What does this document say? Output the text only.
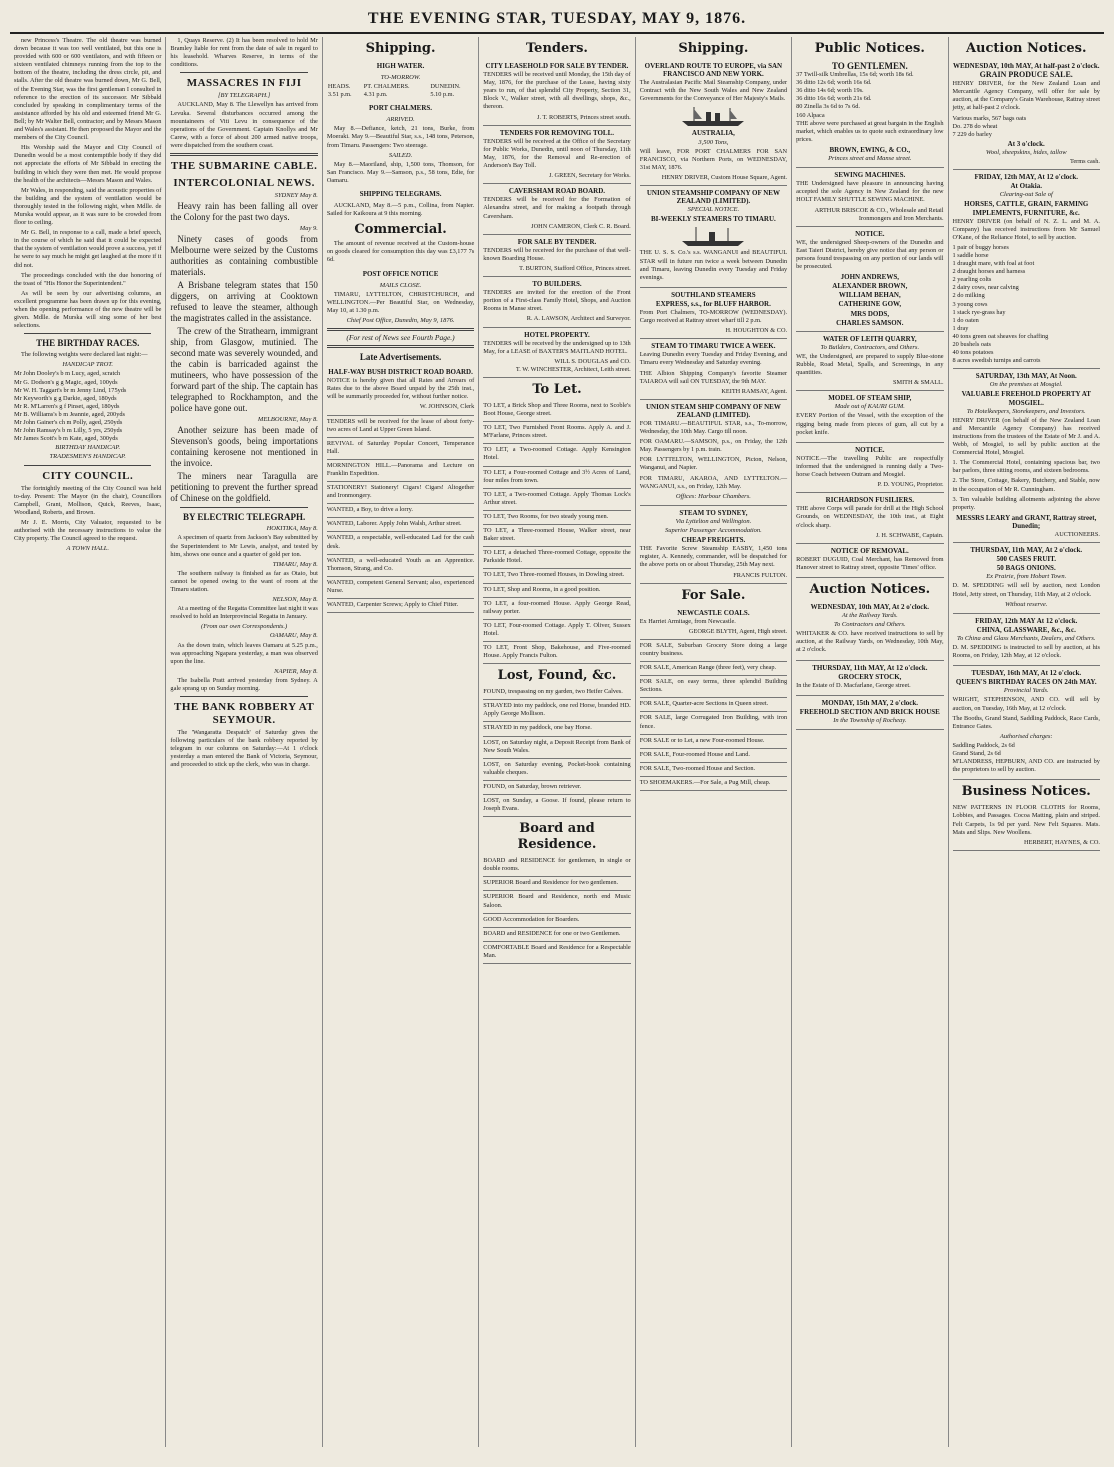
THE EVENING STAR, TUESDAY, MAY 9, 1876.

new Princess's Theatre. The old theatre was burned down because it was too well ventilated, but this one is provided with 600 or 600 ventilators, and with fifteen or sixteen ventilated chimneys running from the top to the bottom of the theatre, including the dress circle, pit, and stalls. After the old theatre was burned down, Mr G. Bell, of the Evening Star, was the first gentleman I consulted in reference to the erection of its successor. Mr Sibbald concluded by speaking in complimentary terms of the assistance afforded by his old and esteemed friend Mr G. Bell; by Mr Walter Bell, contractor; and by Messrs Mason and Wales's assistant. He then proposed the Mayor and the members of the City Council.

His Worship said the Mayor and City Council of Dunedin would be a most contemptible body if they did not appreciate the efforts of Mr Sibbald in erecting the building in which they were then met. He would propose the health of the architects—Messrs Mason and Wales.

Mr Wales, in responding, said the acoustic properties of the building and the system of ventilation would be thoroughly tested in the following night, when Mdlle. de Murska would appear, as it was sure to be crowded from floor to ceiling.

Mr G. Bell, in response to a call, made a brief speech, in the course of which he said that it could be expected that the system of ventilation would prove a success, yet if he were to say much he might get laughed at the more if it did not.

The proceedings concluded with the due honoring of the toast of "His Honor the Superintendent."

As will be seen by our advertising columns, an excellent programme has been drawn up for this evening, when the opening performance of the new theatre will be given. Mdlle. de Murska will sing some of her best selections.

THE BIRTHDAY RACES.

The following weights were declared last night:—

HANDICAP TROT.
Mr John Dooley's b m Lucy, aged, scratch
Mr G. Dodson's g g Magic, aged, 100yds
Mr W. H. Taggart's br m Jenny Lind, 175yds
Mr Keyworth's g g Darkie, aged, 180yds
Mr R. M'Larren's g f Pinset, aged, 180yds
Mr B. Williams's b m Jeannie, aged, 200yds
Mr John Gainer's ch m Polly, aged, 250yds
Mr John Ramsay's b m Lilly, 5 yrs, 250yds
Mr James Scott's b m Kate, aged, 300yds
BIRTHDAY HANDICAP.
TRADESMEN'S HANDICAP.
CITY COUNCIL.

The fortnightly meeting of the City Council was held to-day. Present: The Mayor (in the chair), Councillors Campbell, Grant, Mollison, Quick, Reeves, Isaac, Woodland, Roberts, and Brown.

Mr J. E. Morris, City Valuator, requested to be authorised with the necessary instructions to value the City property. The Council agreed to the request.

A TOWN HALL.

1, Quays Reserve. (2) It has been resolved to hold Mr Bramley liable for rent from the date of sale in regard to his leasehold. Wharves Reserve, in terms of the conditions.

MASSACRES IN FIJI
[BY TELEGRAPH.]

AUCKLAND, May 8. The Llewellyn has arrived from Levuka. Several disturbances occurred among the mountaineers of Viti Levu in consequence of the operations of the Government. Captain Knollys and Mr Carew, with a force of about 200 armed native troops, were dispatched from the southern coast.

THE SUBMARINE CABLE.
INTERCOLONIAL NEWS.
SYDNEY May 8.

Heavy rain has been falling all over the Colony for the past two days.

May 9.

Ninety cases of goods from Melbourne were seized by the Customs authorities as containing combustible materials.

A Brisbane telegram states that 150 diggers, on arriving at Cooktown refused to leave the steamer, although the magistrates called in the assistance.

The crew of the Strathearn, immigrant ship, from Glasgow, mutinied. The second mate was severely wounded, and the cabin is barricaded against the mutineers, who have possession of the forward part of the ship. The captain has telegraphed to Rockhampton, and the police have gone out.

MELBOURNE, May 8.

Another seizure has been made of Stevenson's goods, being importations containing kerosene not mentioned in the invoice.

The miners near Taragulla are petitioning to prevent the further spread of Chinese on the goldfield.

BY ELECTRIC TELEGRAPH.
HOKITIKA, May 8.

A specimen of quartz from Jackson's Bay submitted by the Superintendent to Mr Lewis, analyst, and tested by him, shows one ounce and a quarter of gold per ton.

TIMARU, May 8.

The southern railway is finished as far as Otaio, but cannot be opened owing to the want of room at the Timaru station.

NELSON, May 8.

At a meeting of the Regatta Committee last night it was resolved to hold an Interprovincial Regatta in January.

(From our own Correspondents.)
OAMARU, May 8.

As the down train, which leaves Oamaru at 5.25 p.m., was approaching Ngapara yesterday, a man was observed upon the line.

NAPIER, May 8.

The Isabella Pratt arrived yesterday from Sydney. A gale sprang up on Sunday morning.

THE BANK ROBBERY AT SEYMOUR.

The 'Wangaratta Despatch' of Saturday gives the following particulars of the bank robbery reported by telegram in our columns on Saturday:—At 1 o'clock yesterday a man entered the Bank of Victoria, Seymour, and proceeded to stick up the clerk, who was in charge.

Shipping.
HIGH WATER.
TO-MORROW.
HEADS.	PT. CHALMERS.	DUNEDIN.
3.51 p.m.	4.31 p.m.	5.10 p.m.
PORT CHALMERS.
ARRIVED.

May 8.—Defiance, ketch, 21 tons, Burke, from Moeraki. May 9.—Beautiful Star, s.s., 148 tons, Peterson, from Timaru. Passengers: Two steerage.

SAILED.

May 8.—Maoriland, ship, 1,500 tons, Thomson, for San Francisco. May 9.—Samson, p.s., 58 tons, Edie, for Oamaru.

SHIPPING TELEGRAMS.

AUCKLAND, May 8.—5 p.m., Collina, from Napier. Sailed for Kaikoura at 9 this morning.

Commercial.

The amount of revenue received at the Custom-house on goods cleared for consumption this day was £3,177 7s 6d.

POST OFFICE NOTICE
MAILS CLOSE.

TIMARU, LYTTELTON, CHRISTCHURCH, and WELLINGTON.—Per Beautiful Star, on Wednesday, May 10, at 1.30 p.m.

Chief Post Office, Dunedin, May 9, 1876.
(For rest of News see Fourth Page.)
Late Advertisements.
HALF-WAY BUSH DISTRICT ROAD BOARD.

NOTICE is hereby given that all Rates and Arrears of Rates due to the above Board unpaid by the 25th inst., will be summarily proceeded for, without further notice.

W. JOHNSON, Clerk
TENDERS will be received for the lease of about forty-two acres of Land at Upper Green Island.
REVIVAL of Saturday Popular Concert, Temperance Hall.
MORNINGTON HILL.—Panorama and Lecture on Franklin Expedition.
STATIONERY! Stationery! Cigars! Cigars! Altogether and Ironmongery.
WANTED, a Boy, to drive a lorry.
WANTED, Laborer. Apply John Walsh, Arthur street.
WANTED, a respectable, well-educated Lad for the cash desk.
WANTED, a well-educated Youth as an Apprentice. Thomson, Strang, and Co.
WANTED, competent General Servant; also, experienced Nurse.
WANTED, Carpenter Screws; Apply to Chief Fitter.
Tenders.
CITY LEASEHOLD FOR SALE BY TENDER.

TENDERS will be received until Monday, the 15th day of May, 1876, for the purchase of the Lease, having sixty years to run, of that splendid City Property, Section 31, Block V., Walker street, with all dwellings, shops, &c., thereon.

J. T. ROBERTS, Princes street south.
TENDERS FOR REMOVING TOLL.

TENDERS will be received at the Office of the Secretary for Public Works, Dunedin, until noon of Thursday, 11th May, 1876, for the Removal and Re-erection of Anderson's Bay Toll.

J. GREEN, Secretary for Works.
CAVERSHAM ROAD BOARD.

TENDERS will be received for the Formation of Alexandra street, and for making a footpath through Caversham.

JOHN CAMERON, Clerk C. R. Board.
FOR SALE BY TENDER.

TENDERS will be received for the purchase of that well-known Boarding House.

T. BURTON, Stafford Office, Princes street.
TO BUILDERS.

TENDERS are invited for the erection of the Front portion of a First-class Family Hotel, Shops, and Auction Rooms in Manse street.

R. A. LAWSON, Architect and Surveyor.
HOTEL PROPERTY.

TENDERS will be received by the undersigned up to 13th May, for a LEASE of BAXTER'S MAITLAND HOTEL.

WILL S. DOUGLAS and CO.
T. W. WINCHESTER, Architect, Leith street.
To Let.
TO LET, a Brick Shop and Three Rooms, next to Scoble's Boot House, George street.
TO LET, Two Furnished Front Rooms. Apply A. and J. M'Farlane, Princes street.
TO LET, a Two-roomed Cottage. Apply Kensington Hotel.
TO LET, a Four-roomed Cottage and 3½ Acres of Land, four miles from town.
TO LET, a Two-roomed Cottage. Apply Thomas Lock's Arthur street.
TO LET, Two Rooms, for two steady young men.
TO LET, a Three-roomed House, Walker street, near Baker street.
TO LET, a detached Three-roomed Cottage, opposite the Parkside Hotel.
TO LET, Two Three-roomed Houses, in Dowling street.
TO LET, Shop and Rooms, in a good position.
TO LET, a four-roomed House. Apply George Read, railway porter.
TO LET, Four-roomed Cottage. Apply T. Oliver, Sussex Hotel.
TO LET, Front Shop, Bakehouse, and Five-roomed House. Apply Francis Fulton.
Lost, Found, &c.
FOUND, trespassing on my garden, two Heifer Calves.
STRAYED into my paddock, one red Horse, branded HD. Apply George Mollison.
STRAYED in my paddock, one bay Horse.
LOST, on Saturday night, a Deposit Receipt from Bank of New South Wales.
LOST, on Saturday evening, Pocket-book containing valuable cheques.
FOUND, on Saturday, brown retriever.
LOST, on Sunday, a Goose. If found, please return to Joseph Evans.
Board and Residence.
BOARD and RESIDENCE for gentlemen, in single or double rooms.
SUPERIOR Board and Residence for two gentlemen.
SUPERIOR Board and Residence, north end Music Saloon.
GOOD Accommodation for Boarders.
BOARD and RESIDENCE for one or two Gentlemen.
COMFORTABLE Board and Residence for a Respectable Man.
Shipping.
OVERLAND ROUTE TO EUROPE, via SAN FRANCISCO AND NEW YORK.

The Australasian Pacific Mail Steamship Company, under Contract with the New South Wales and New Zealand Governments for the Conveyance of Her Majesty's Mails.

AUSTRALIA,
3,500 Tons,

Will leave, FOR PORT CHALMERS FOR SAN FRANCISCO, via Northern Ports, on WEDNESDAY, 31st MAY, 1876.

HENRY DRIVER, Custom House Square, Agent.
UNION STEAMSHIP COMPANY OF NEW ZEALAND (LIMITED).
SPECIAL NOTICE.
BI-WEEKLY STEAMERS TO TIMARU.

THE U. S. S. Co.'s s.s. WANGANUI and BEAUTIFUL STAR will in future run twice a week between Dunedin and Timaru, leaving Dunedin every Tuesday and Friday evenings.

SOUTHLAND STEAMERS
EXPRESS, s.s., for BLUFF HARBOR.

From Port Chalmers, TO-MORROW (WEDNESDAY). Cargo received at Rattray street wharf till 2 p.m.

H. HOUGHTON & CO.
STEAM TO TIMARU TWICE A WEEK.

Leaving Dunedin every Tuesday and Friday Evening, and Timaru every Wednesday and Saturday evening.

THE Albion Shipping Company's favorite Steamer TAIAROA will sail ON TUESDAY, the 9th MAY.

KEITH RAMSAY, Agent.
UNION STEAM SHIP COMPANY OF NEW ZEALAND (LIMITED).

FOR TIMARU.—BEAUTIFUL STAR, s.s., To-morrow, Wednesday, the 10th May. Cargo till noon.

FOR OAMARU.—SAMSON, p.s., on Friday, the 12th May. Passengers by 1 p.m. train.

FOR LYTTELTON, WELLINGTON, Picton, Nelson, Wanganui, and Napier.

FOR TIMARU, AKAROA, AND LYTTELTON.—WANGANUI, s.s., on Friday, 12th May.

Offices: Harbour Chambers.
STEAM TO SYDNEY,
Via Lyttelton and Wellington.
Superior Passenger Accommodation.
CHEAP FREIGHTS.

THE Favorite Screw Steamship EASBY, 1,450 tons register, A. Kennedy, commander, will be despatched for the above ports on or about Thursday, 25th May next.

FRANCIS FULTON.
For Sale.
NEWCASTLE COALS.

Ex Harriet Armitage, from Newcastle.

GEORGE BLYTH, Agent, High street.
FOR SALE, Suburban Grocery Store doing a large country business.
FOR SALE, American Range (three feet), very cheap.
FOR SALE, on easy terms, three splendid Building Sections.
FOR SALE, Quarter-acre Sections in Queen street.
FOR SALE, large Corrugated Iron Building, with iron fence.
FOR SALE or to Let, a new Four-roomed House.
FOR SALE, Four-roomed House and Land.
FOR SALE, Two-roomed House and Section.
TO SHOEMAKERS.—For Sale, a Pug Mill, cheap.
Public Notices.
TO GENTLEMEN.
37 Twill-silk Umbrellas, 15s 6d; worth 18s 6d.
36 ditto 12s 6d; worth 16s 6d.
36 ditto 14s 6d; worth 19s.
36 ditto 16s 6d; worth 21s 6d.
80 Zinella 3s 6d to 7s 6d.
160 Alpaca

THE above were purchased at great bargain in the English market, which enables us to quote such extraordinary low prices.

BROWN, EWING, & CO.,
Princes street and Manse street.
SEWING MACHINES.

THE Undersigned have pleasure in announcing having accepted the sole Agency in New Zealand for the new HOLT FAMILY SHUTTLE SEWING MACHINE.

ARTHUR BRISCOE & CO., Wholesale and Retail Ironmongers and Iron Merchants.
NOTICE.

WE, the undersigned Sheep-owners of the Dunedin and East Taieri District, hereby give notice that any person or persons found trespassing on any portion of our lands will be prosecuted.

JOHN ANDREWS,
ALEXANDER BROWN,
WILLIAM BEHAN,
CATHERINE GOW,
MRS DODS,
CHARLES SAMSON.
WATER OF LEITH QUARRY,
To Builders, Contractors, and Others.

WE, the Undersigned, are prepared to supply Blue-stone Rubble, Road Metal, Spalls, and Screenings, in any quantities.

SMITH & SMALL.
MODEL OF STEAM SHIP,
Made out of KAURI GUM.

EVERY Portion of the Vessel, with the exception of the rigging being made from pieces of gum, all cut by a pocket knife.

NOTICE.

NOTICE.—The travelling Public are respectfully informed that the undersigned is running daily a Two-horse Coach between Outram and Mosgiel.

P. D. YOUNG, Proprietor.
RICHARDSON FUSILIERS.

THE above Corps will parade for drill at the High School Grounds, on WEDNESDAY, the 10th inst., at Eight o'clock sharp.

J. H. SCHWABE, Captain.
NOTICE OF REMOVAL.

ROBERT DUGUID, Coal Merchant, has Removed from Hanover street to Rattray street, opposite 'Times' office.

Auction Notices.
WEDNESDAY, 10th MAY, At 2 o'clock.
At the Railway Yards.
To Contractors and Others.

WHITAKER & CO. have received instructions to sell by auction, at the Railway Yards, on Wednesday, 10th May, at 2 o'clock.

THURSDAY, 11th MAY, At 12 o'clock.
GROCERY STOCK,

In the Estate of D. Macfarlane, George street.

MONDAY, 15th MAY, 2 o'clock.
FREEHOLD SECTION AND BRICK HOUSE
In the Township of Rocheay.
Auction Notices.
WEDNESDAY, 10th MAY, At half-past 2 o'clock.
GRAIN PRODUCE SALE.

HENRY DRIVER, for the New Zealand Loan and Mercantile Agency Company, will offer for sale by auction, at the Company's Grain Warehouse, Rattray street jetty, at half-past 2 o'clock.

Various marks, 567 bags oats
Do. 278 do wheat
7 229 do barley
At 3 o'clock.
Wool, sheepskins, hides, tallow
Terms cash.
FRIDAY, 12th MAY, At 12 o'clock.
At Otakia.
Clearing-out Sale of
HORSES, CATTLE, GRAIN, FARMING IMPLEMENTS, FURNITURE, &c.

HENRY DRIVER (on behalf of N. Z. L. and M. A. Company) has received instructions from Mr Samuel O'Kane, of the Reliance Hotel, to sell by auction.

1 pair of buggy horses
1 saddle horse
1 draught mare, with foal at foot
2 draught horses and harness
2 yearling colts
2 dairy cows, near calving
2 do milking
3 young cows
1 stack rye-grass hay
1 do oaten
1 dray
40 tons green oat sheaves for chaffing
20 bushels oats
40 tons potatoes
8 acres swedish turnips and carrots
SATURDAY, 13th MAY, At Noon.
On the premises at Mosgiel.
VALUABLE FREEHOLD PROPERTY AT MOSGIEL.
To Hotelkeepers, Storekeepers, and Investors.

HENRY DRIVER (on behalf of the New Zealand Loan and Mercantile Agency Company) has received instructions from the trustees of the Estate of Mr J. and A. Webb, of Mosgiel, to sell by public auction at the Commercial Hotel, Mosgiel.

1. The Commercial Hotel, containing spacious bar, two bar parlors, three sitting rooms, and sixteen bedrooms.

2. The Store, Cottage, Bakery, Butchery, and Stable, now in the occupation of Mr R. Cunningham.

3. Ten valuable building allotments adjoining the above property.

MESSRS LEARY and GRANT, Rattray street, Dunedin;
AUCTIONEERS.
THURSDAY, 11th MAY, At 2 o'clock.
500 CASES FRUIT.
50 BAGS ONIONS.
Ex Prairie, from Hobart Town.

D. M. SPEDDING will sell by auction, next London Hotel, Jetty street, on Thursday, 11th May, at 2 o'clock.

Without reserve.
FRIDAY, 12th MAY At 12 o'clock.
CHINA, GLASSWARE, &c., &c.
To China and Glass Merchants, Dealers, and Others.

D. M. SPEDDING is instructed to sell by auction, at his Rooms, on Friday, 12th May, at 12 o'clock.

TUESDAY, 16th MAY, At 12 o'clock.
QUEEN'S BIRTHDAY RACES ON 24th MAY.
Provincial Yards.

WRIGHT, STEPHENSON, AND CO. will sell by auction, on Tuesday, 16th May, at 12 o'clock.

The Booths, Grand Stand, Saddling Paddock, Race Cards, Entrance Gates.

Authorised charges:
Saddling Paddock, 2s 6d
Grand Stand, 2s 6d

M'LANDRESS, HEPBURN, AND CO. are instructed by the proprietors to sell by auction.

Business Notices.

NEW PATTERNS IN FLOOR CLOTHS for Rooms, Lobbies, and Passages. Cocoa Matting, plain and striped. Felt Carpets, 1s 9d per yard. New Felt Squares. Mats. Mats and Slips. New Woollens.

HERBERT, HAYNES, & CO.
